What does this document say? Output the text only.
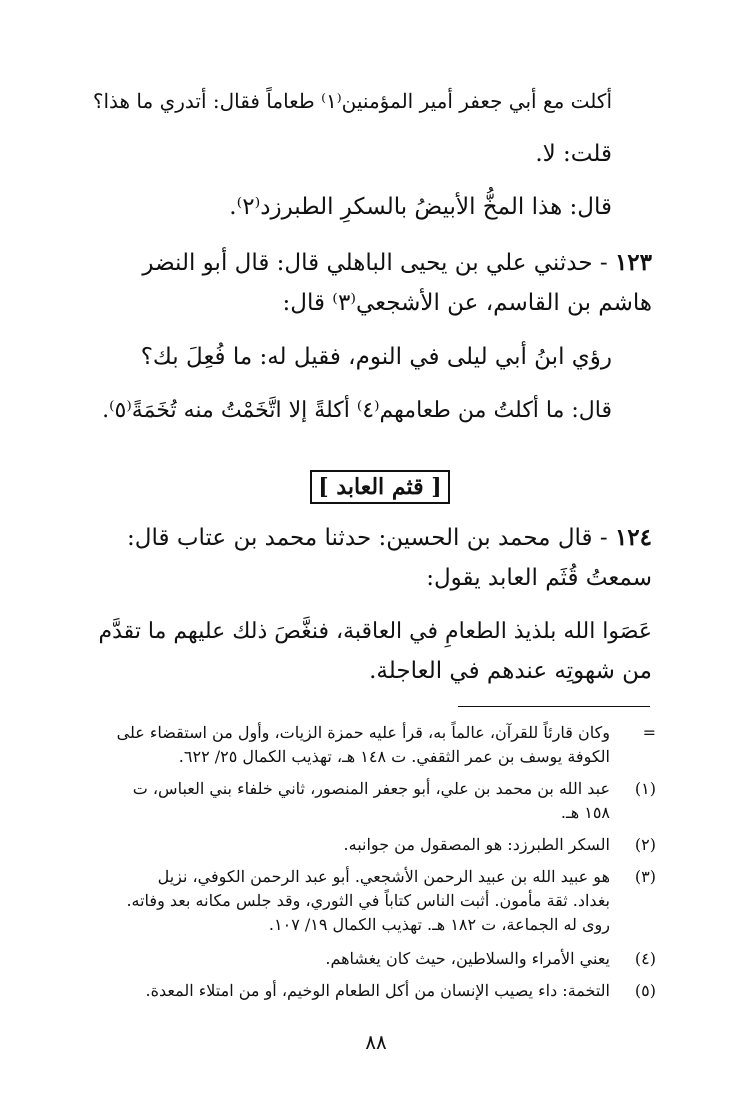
أكلت مع أبي جعفر أمير المؤمنين⁽١⁾ طعاماً فقال: أتدري ما هذا؟
قلت: لا.
قال: هذا المخُّ الأبيضُ بالسكرِ الطبرزد⁽٢⁾.
١٢٣ - حدثني علي بن يحيى الباهلي قال: قال أبو النضر
هاشم بن القاسم، عن الأشجعي⁽٣⁾ قال:
رؤي ابنُ أبي ليلى في النوم، فقيل له: ما فُعِلَ بك؟
قال: ما أكلتُ من طعامهم⁽٤⁾ أكلةً إلا اتَّخَمْتُ منه تُخَمَةً⁽٥⁾.
[ قثم العابد ]
١٢٤ - قال محمد بن الحسين: حدثنا محمد بن عتاب قال:
سمعتُ قُثَم العابد يقول:
عَصَوا الله بلذيذ الطعامِ في العاقبة، فنغَّصَ ذلك عليهم ما تقدَّم
من شهوتِه عندهم في العاجلة.
=
وكان قارئاً للقرآن، عالماً به، قرأ عليه حمزة الزيات، وأول من استقضاء على
الكوفة يوسف بن عمر الثقفي. ت ١٤٨ هـ، تهذيب الكمال ٢٥/ ٦٢٢.
(١)
عبد الله بن محمد بن علي، أبو جعفر المنصور، ثاني خلفاء بني العباس، ت
١٥٨ هـ.
(٢)
السكر الطبرزد: هو المصقول من جوانبه.
(٣)
هو عبيد الله بن عبيد الرحمن الأشجعي. أبو عبد الرحمن الكوفي، نزيل
بغداد. ثقة مأمون. أثبت الناس كتاباً في الثوري، وقد جلس مكانه بعد وفاته.
روى له الجماعة، ت ١٨٢ هـ. تهذيب الكمال ١٩/ ١٠٧.
(٤)
يعني الأمراء والسلاطين، حيث كان يغشاهم.
(٥)
التخمة: داء يصيب الإنسان من أكل الطعام الوخيم، أو من امتلاء المعدة.
٨٨
